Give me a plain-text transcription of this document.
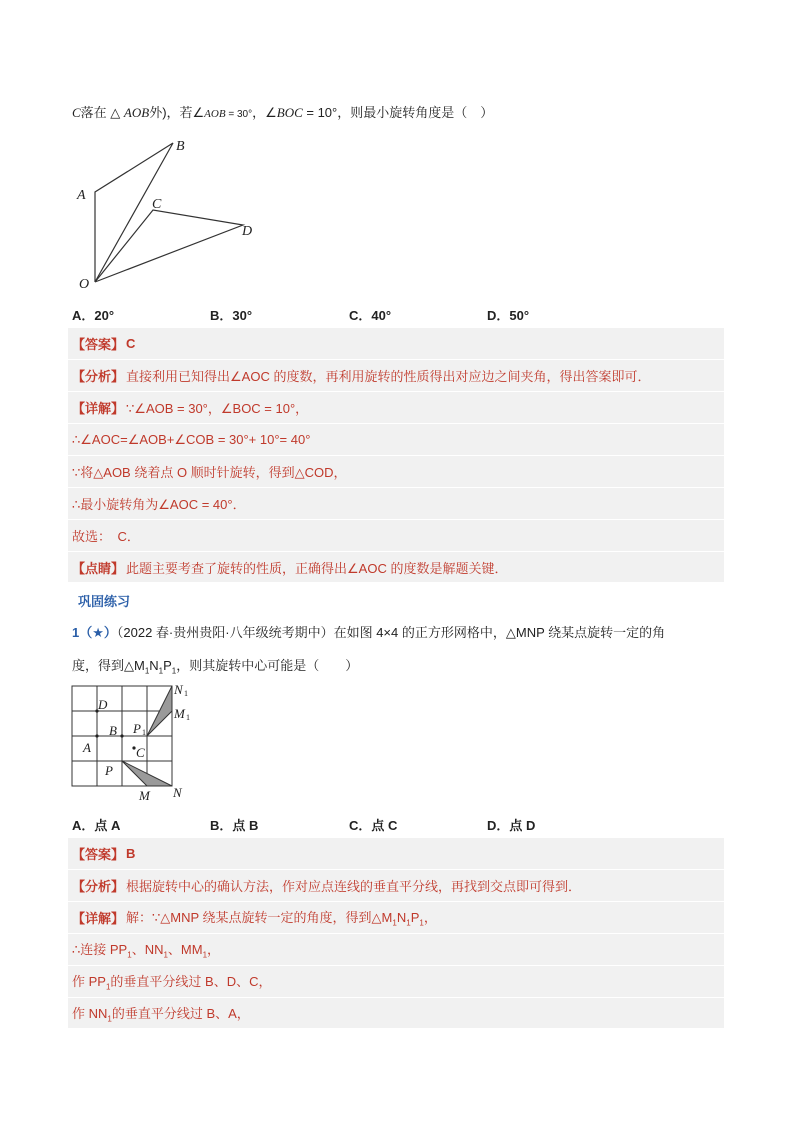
C落在 △ AOB外)，若∠AOB = 30°，∠BOC = 10°，则最小旋转角度是（　）
B
A
C
D
O
A．20°	B．30°	C．40°	D．50°
【答案】 C
【分析】 直接利用已知得出∠AOC 的度数，再利用旋转的性质得出对应边之间夹角，得出答案即可．
【详解】 ∵∠AOB = 30°，∠BOC = 10°，
∴∠AOC=∠AOB+∠COB = 30°+ 10°= 40°
∵将△AOB 绕着点 O 顺时针旋转，得到△COD，
∴最小旋转角为∠AOC = 40°．
故选：　C．
【点睛】 此题主要考查了旋转的性质，正确得出∠AOC 的度数是解题关键．
巩固练习
1（★）（2022 春·贵州贵阳·八年级统考期中）在如图 4×4 的正方形网格中，△MNP 绕某点旋转一定的角
度，得到$\triangle M_1N_1P_1$，则其旋转中心可能是（　　）
D
B P
A	C
P
M N
N
M
1
1
1
A．点 A	B．点 B	C．点 C	D．点 D
【答案】 B
【分析】 根据旋转中心的确认方法，作对应点连线的垂直平分线，再找到交点即可得到．
【详解】 解：∵△MNP 绕某点旋转一定的角度，得到$\triangle M_1N_1P_1$，
∴连接 $PP_1$、$NN_1$、$MM_1$，
作 $PP_1$的垂直平分线过 B、D、C，
作 $NN_1$的垂直平分线过 B、A，
